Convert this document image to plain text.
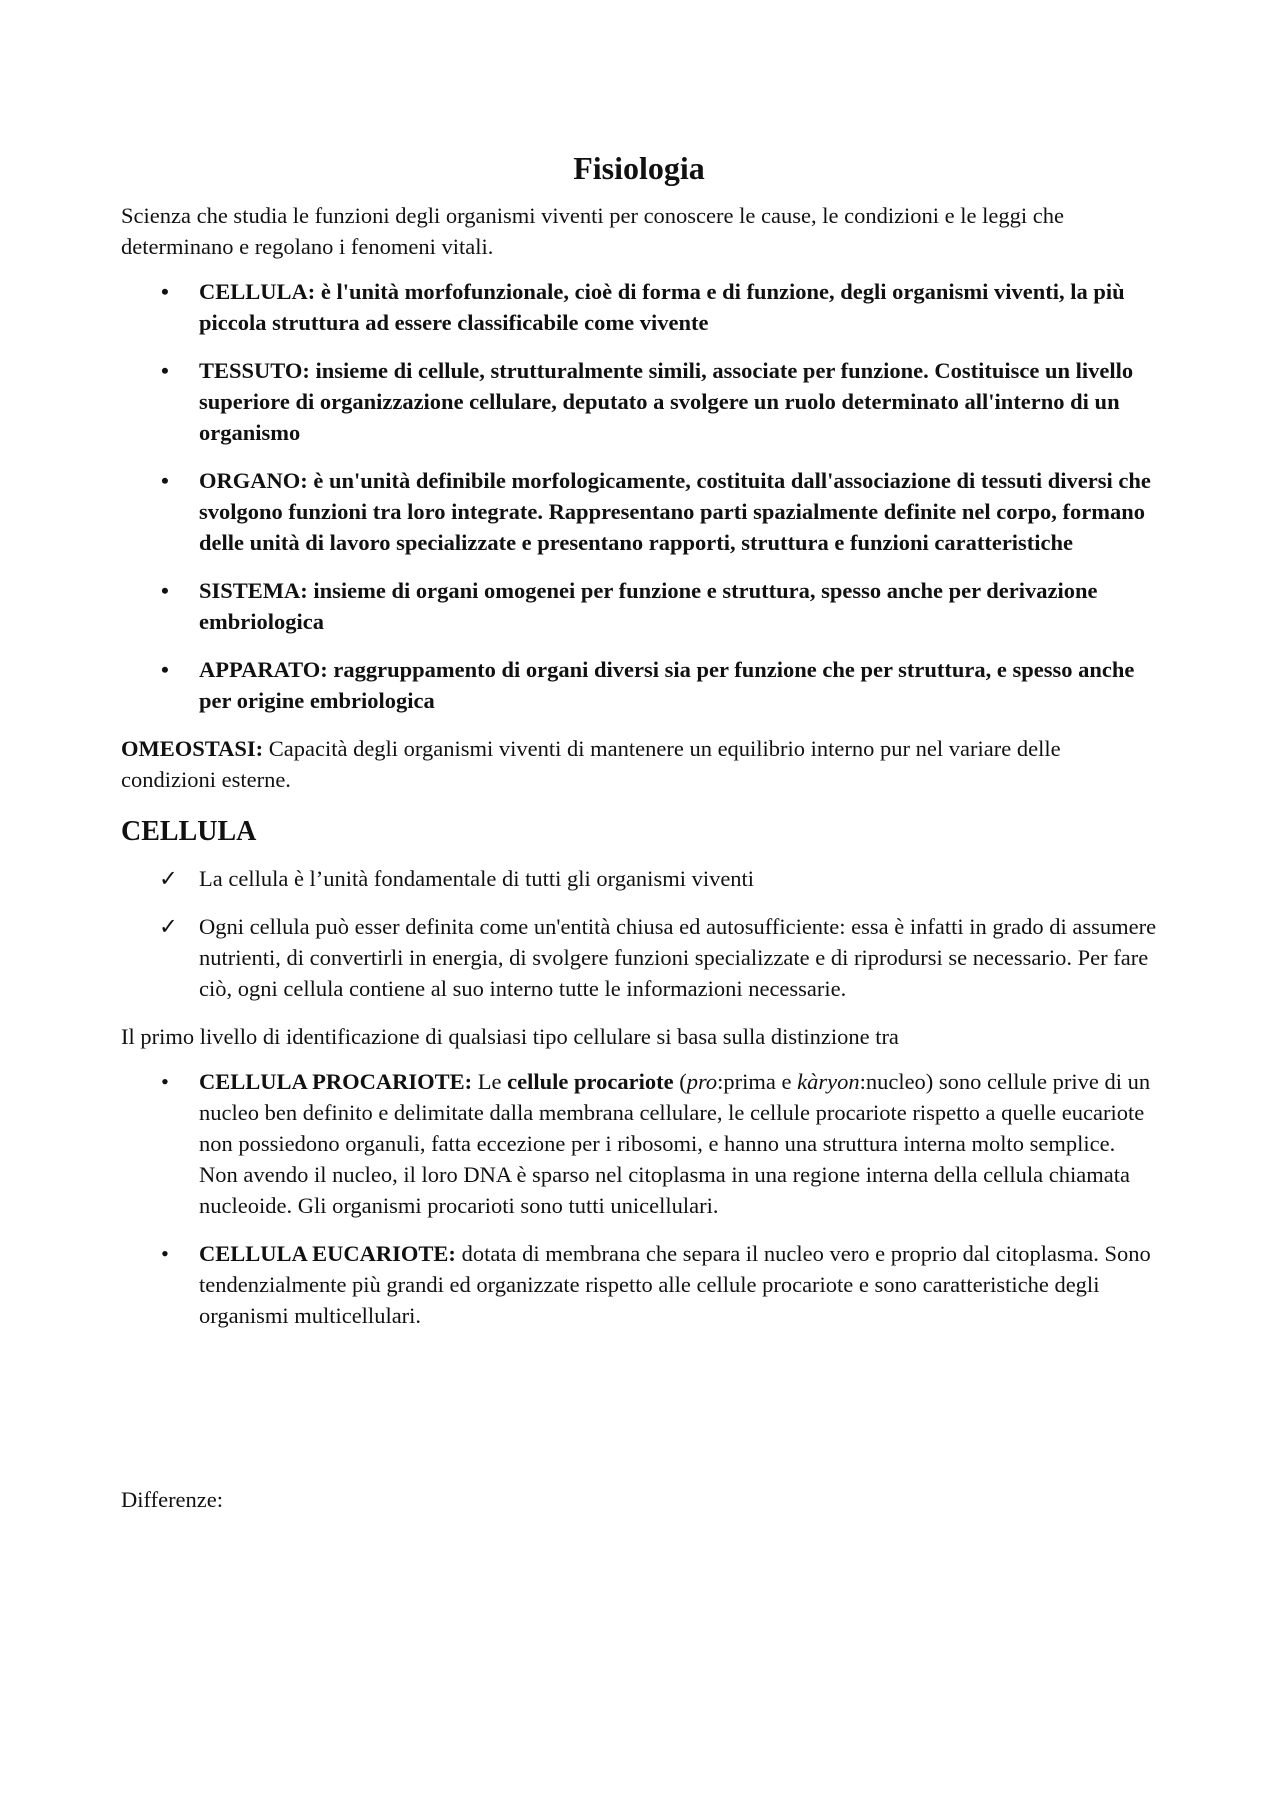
Fisiologia

Scienza che studia le funzioni degli organismi viventi per conoscere le cause, le condizioni e le leggi che determinano e regolano i fenomeni vitali.

•	CELLULA: è l'unità morfofunzionale, cioè di forma e di funzione, degli organismi viventi, la più piccola struttura ad essere classificabile come vivente
•	TESSUTO: insieme di cellule, strutturalmente simili, associate per funzione. Costituisce un livello superiore di organizzazione cellulare, deputato a svolgere un ruolo determinato all'interno di un organismo
•	ORGANO: è un'unità definibile morfologicamente, costituita dall'associazione di tessuti diversi che svolgono funzioni tra loro integrate. Rappresentano parti spazialmente definite nel corpo, formano delle unità di lavoro specializzate e presentano rapporti, struttura e funzioni caratteristiche
•	SISTEMA: insieme di organi omogenei per funzione e struttura, spesso anche per derivazione embriologica
•	APPARATO: raggruppamento di organi diversi sia per funzione che per struttura, e spesso anche per origine embriologica

OMEOSTASI: Capacità degli organismi viventi di mantenere un equilibrio interno pur nel variare delle condizioni esterne.

CELLULA
✓ La cellula è l’unità fondamentale di tutti gli organismi viventi
✓ Ogni cellula può esser definita come un'entità chiusa ed autosufficiente: essa è infatti in grado di assumere nutrienti, di convertirli in energia, di svolgere funzioni specializzate e di riprodursi se necessario. Per fare ciò, ogni cellula contiene al suo interno tutte le informazioni necessarie.

Il primo livello di identificazione di qualsiasi tipo cellulare si basa sulla distinzione tra

•	CELLULA PROCARIOTE: Le cellule procariote (pro:prima e kàryon:nucleo) sono cellule prive di un nucleo ben definito e delimitate dalla membrana cellulare, le cellule procariote rispetto a quelle eucariote non possiedono organuli, fatta eccezione per i ribosomi, e hanno una struttura interna molto semplice. Non avendo il nucleo, il loro DNA è sparso nel citoplasma in una regione interna della cellula chiamata nucleoide. Gli organismi procarioti sono tutti unicellulari.
•	CELLULA EUCARIOTE: dotata di membrana che separa il nucleo vero e proprio dal citoplasma. Sono tendenzialmente più grandi ed organizzate rispetto alle cellule procariote e sono caratteristiche degli organismi multicellulari.

Differenze:
